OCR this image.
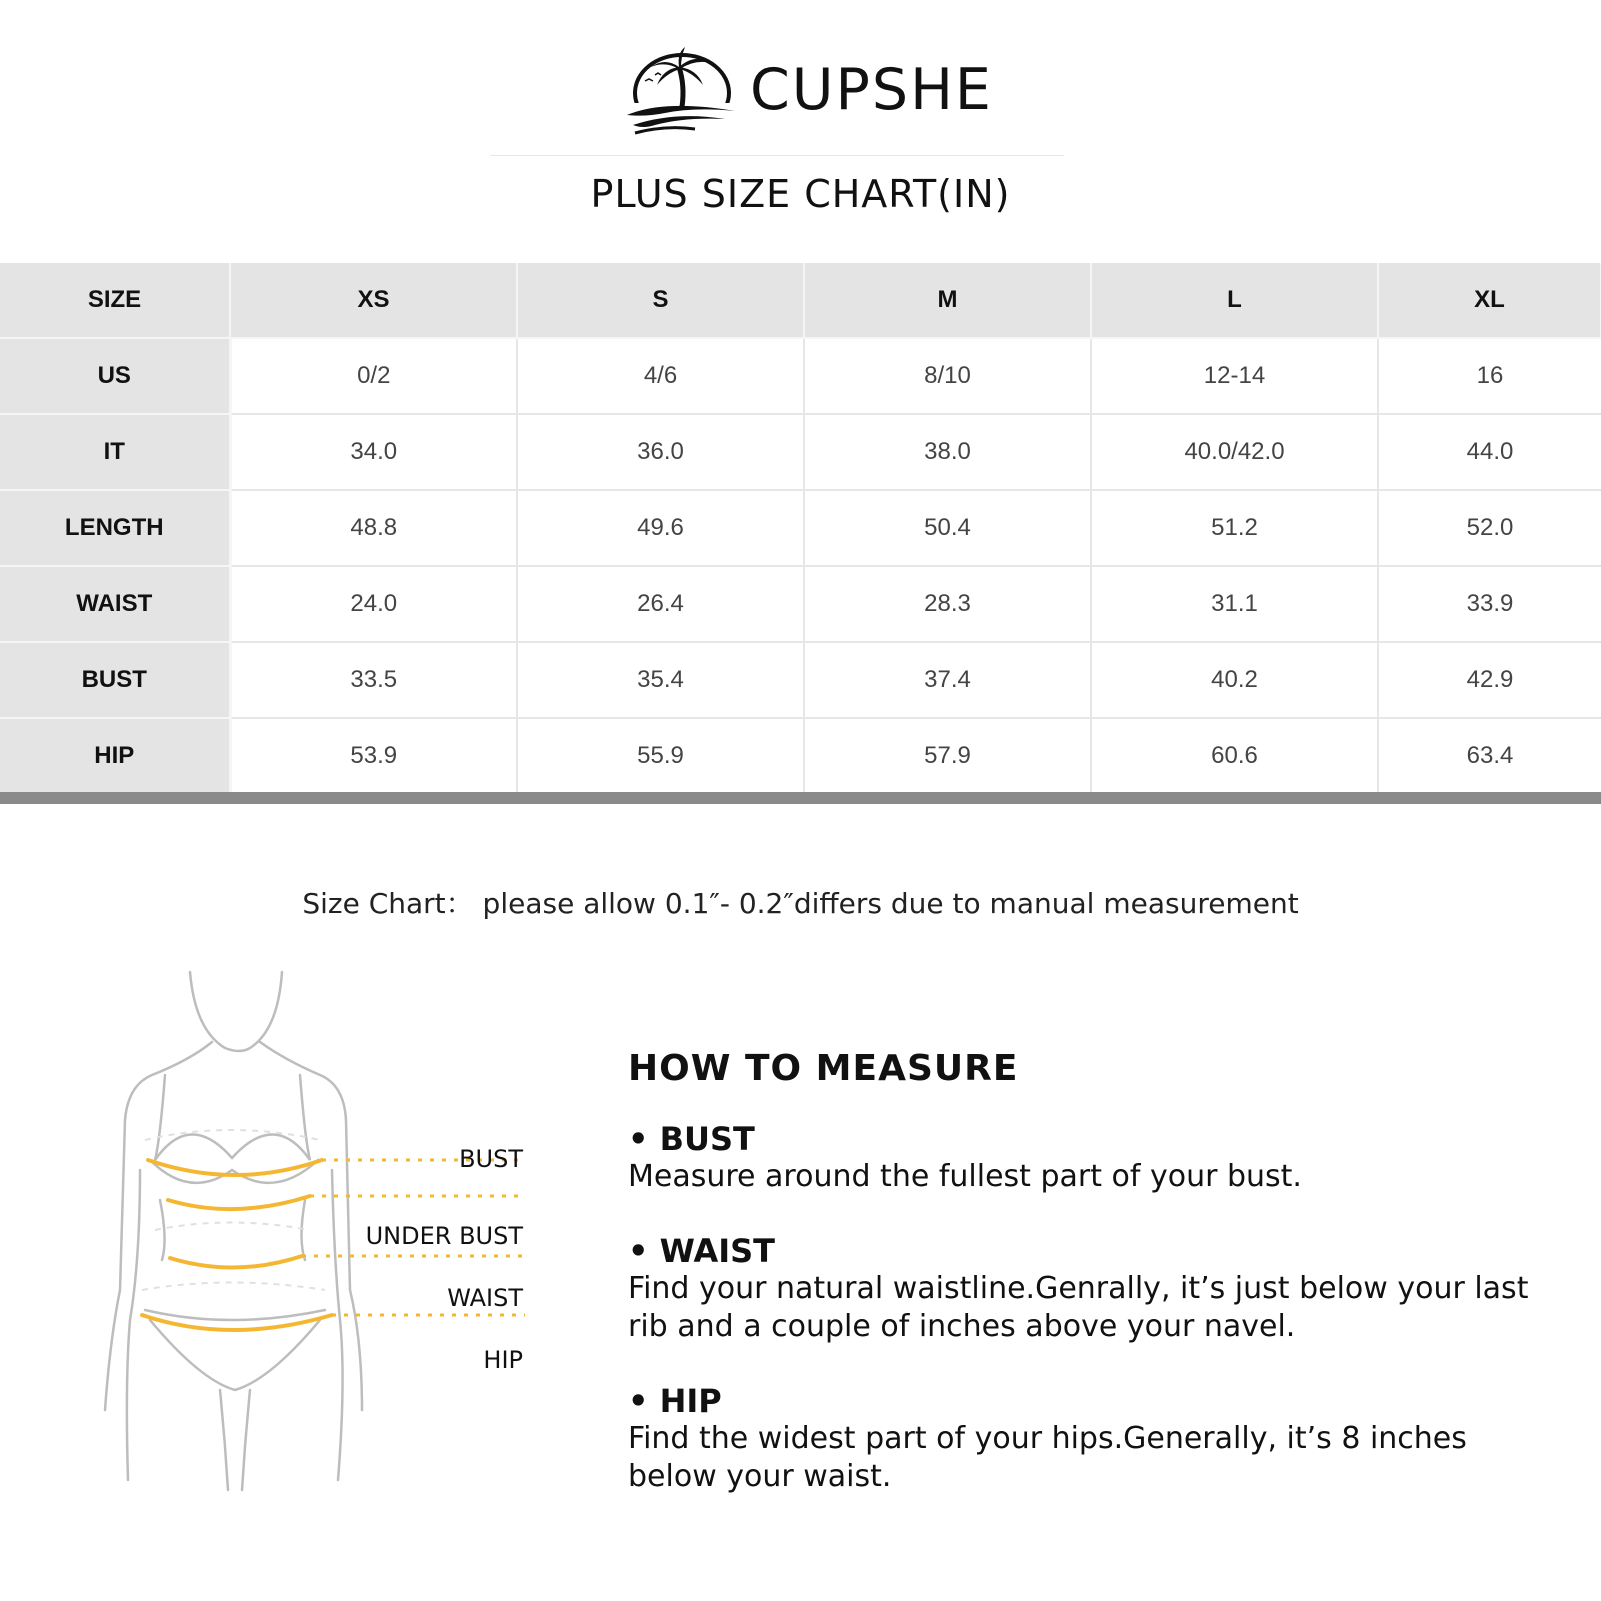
CUPSHE
PLUS SIZE CHART(IN)
SIZE	XS	S	M	L	XL
US	0/2	4/6	8/10	12-14	16
IT	34.0	36.0	38.0	40.0/42.0	44.0
LENGTH	48.8	49.6	50.4	51.2	52.0
WAIST	24.0	26.4	28.3	31.1	33.9
BUST	33.5	35.4	37.4	40.2	42.9
HIP	53.9	55.9	57.9	60.6	63.4
Size Chart： please allow 0.1″- 0.2″differs due to manual measurement
BUST
UNDER BUST
WAIST
HIP
HOW TO MEASURE
• BUST
Measure around the fullest part of your bust.
• WAIST
Find your natural waistline.Genrally, it’s just below your last rib and a couple of inches above your navel.
• HIP
Find the widest part of your hips.Generally, it’s 8 inches below your waist.
